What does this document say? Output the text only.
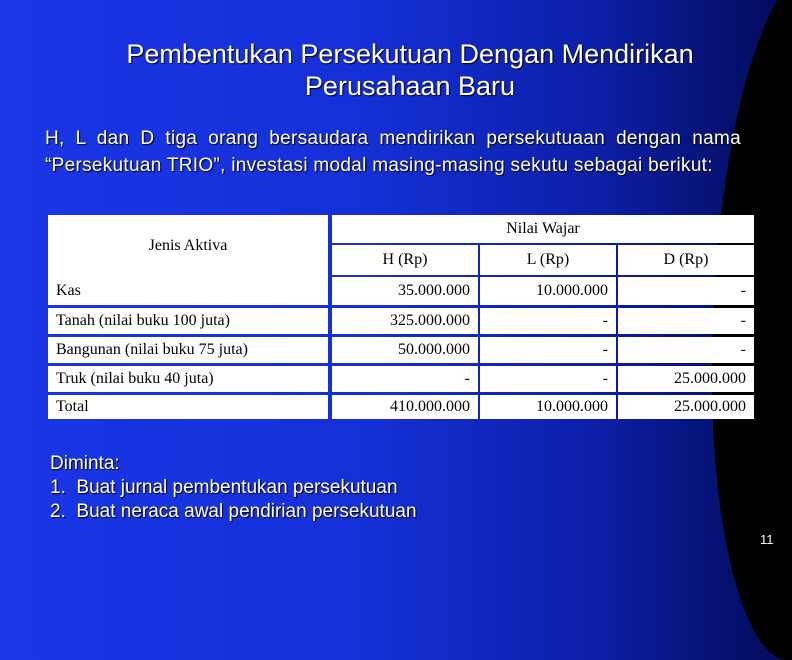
Pembentukan Persekutuan Dengan Mendirikan
Perusahaan Baru
H, L dan D tiga orang bersaudara mendirikan persekutuaan dengan nama “Persekutuan TRIO”, investasi modal masing-masing sekutu sebagai berikut:
Jenis Aktiva
Nilai Wajar
H (Rp)	L (Rp)	D (Rp)
Kas	35.000.000	10.000.000	-
Tanah (nilai buku 100 juta)	325.000.000	-	-
Bangunan (nilai buku 75 juta)	50.000.000	-	-
Truk (nilai buku 40 juta)	-	-	25.000.000
Total	410.000.000	10.000.000	25.000.000
Diminta:
1.  Buat jurnal pembentukan persekutuan
2.  Buat neraca awal pendirian persekutuan
11
